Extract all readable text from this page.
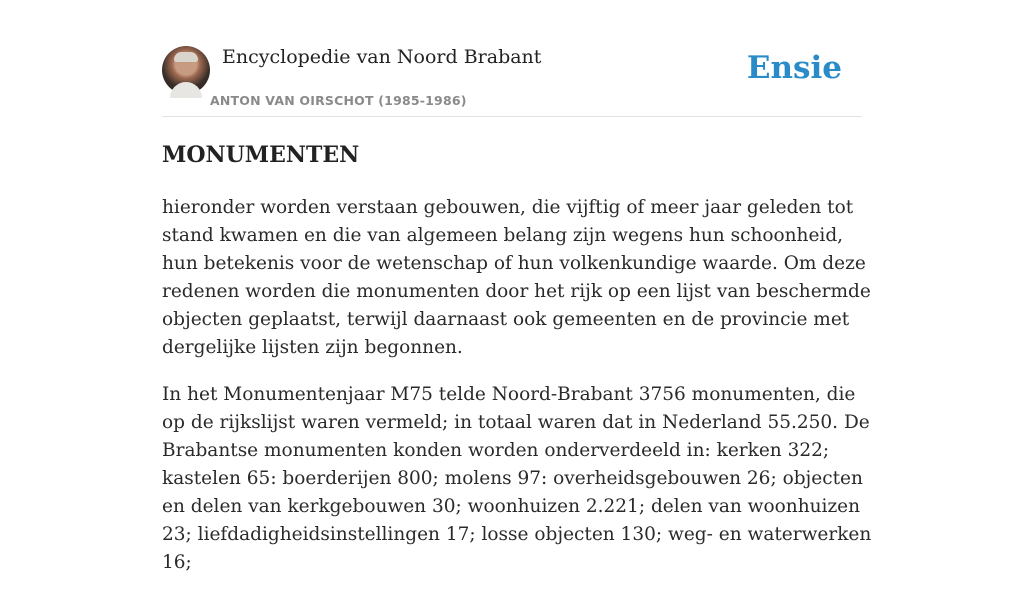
Encyclopedie van Noord Brabant
ANTON VAN OIRSCHOT (1985-1986)
Ensie
MONUMENTEN

hieronder worden verstaan gebouwen, die vijftig of meer jaar geleden tot stand kwamen en die van algemeen belang zijn wegens hun schoonheid, hun betekenis voor de wetenschap of hun volkenkundige waarde. Om deze redenen worden die monumenten door het rijk op een lijst van beschermde objecten geplaatst, terwijl daarnaast ook gemeenten en de provincie met dergelijke lijsten zijn begonnen.

In het Monumentenjaar M75 telde Noord-Brabant 3756 monumenten, die op de rijkslijst waren vermeld; in totaal waren dat in Nederland 55.250. De Brabantse monumenten konden worden onderverdeeld in: kerken 322; kastelen 65: boerderijen 800; molens 97: overheidsgebouwen 26; objecten en delen van kerkgebouwen 30; woonhuizen 2.221; delen van woonhuizen 23; liefdadigheidsinstellingen 17; losse objecten 130; weg- en waterwerken 16;
